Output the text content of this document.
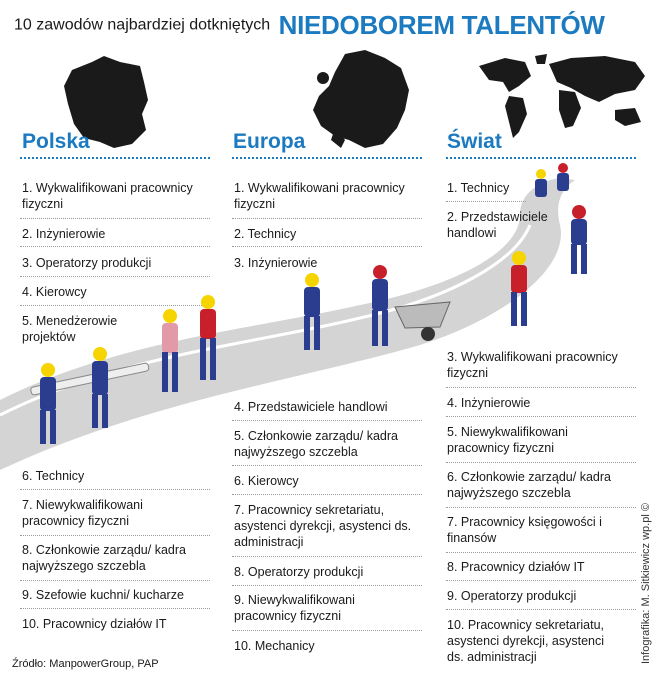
10 zawodów najbardziej dotkniętych NIEDOBOREM TALENTÓW
Polska	Europa	Świat
1. Wykwalifikowani pracownicy fizyczni
2. Inżynierowie
3. Operatorzy produkcji
4. Kierowcy
5. Menedżerowie projektów
6. Technicy
7. Niewykwalifikowani pracownicy fizyczni
8. Członkowie zarządu/ kadra najwyższego szczebla
9. Szefowie kuchni/ kucharze
10. Pracownicy działów IT
1. Wykwalifikowani pracownicy fizyczni
2. Technicy
3. Inżynierowie
4. Przedstawiciele handlowi
5. Członkowie zarządu/ kadra najwyższego szczebla
6. Kierowcy
7. Pracownicy sekretariatu, asystenci dyrekcji, asystenci ds. administracji
8. Operatorzy produkcji
9. Niewykwalifikowani pracownicy fizyczni
10. Mechanicy
1. Technicy
2. Przedstawiciele handlowi
3. Wykwalifikowani pracownicy fizyczni
4. Inżynierowie
5. Niewykwalifikowani pracownicy fizyczni
6. Członkowie zarządu/ kadra najwyższego szczebla
7. Pracownicy księgowości i finansów
8. Pracownicy działów IT
9. Operatorzy produkcji
10. Pracownicy sekretariatu, asystenci dyrekcji, asystenci ds. administracji
Źródło: ManpowerGroup, PAP	Infografika: M. Sitkiewicz wp.pl ©
